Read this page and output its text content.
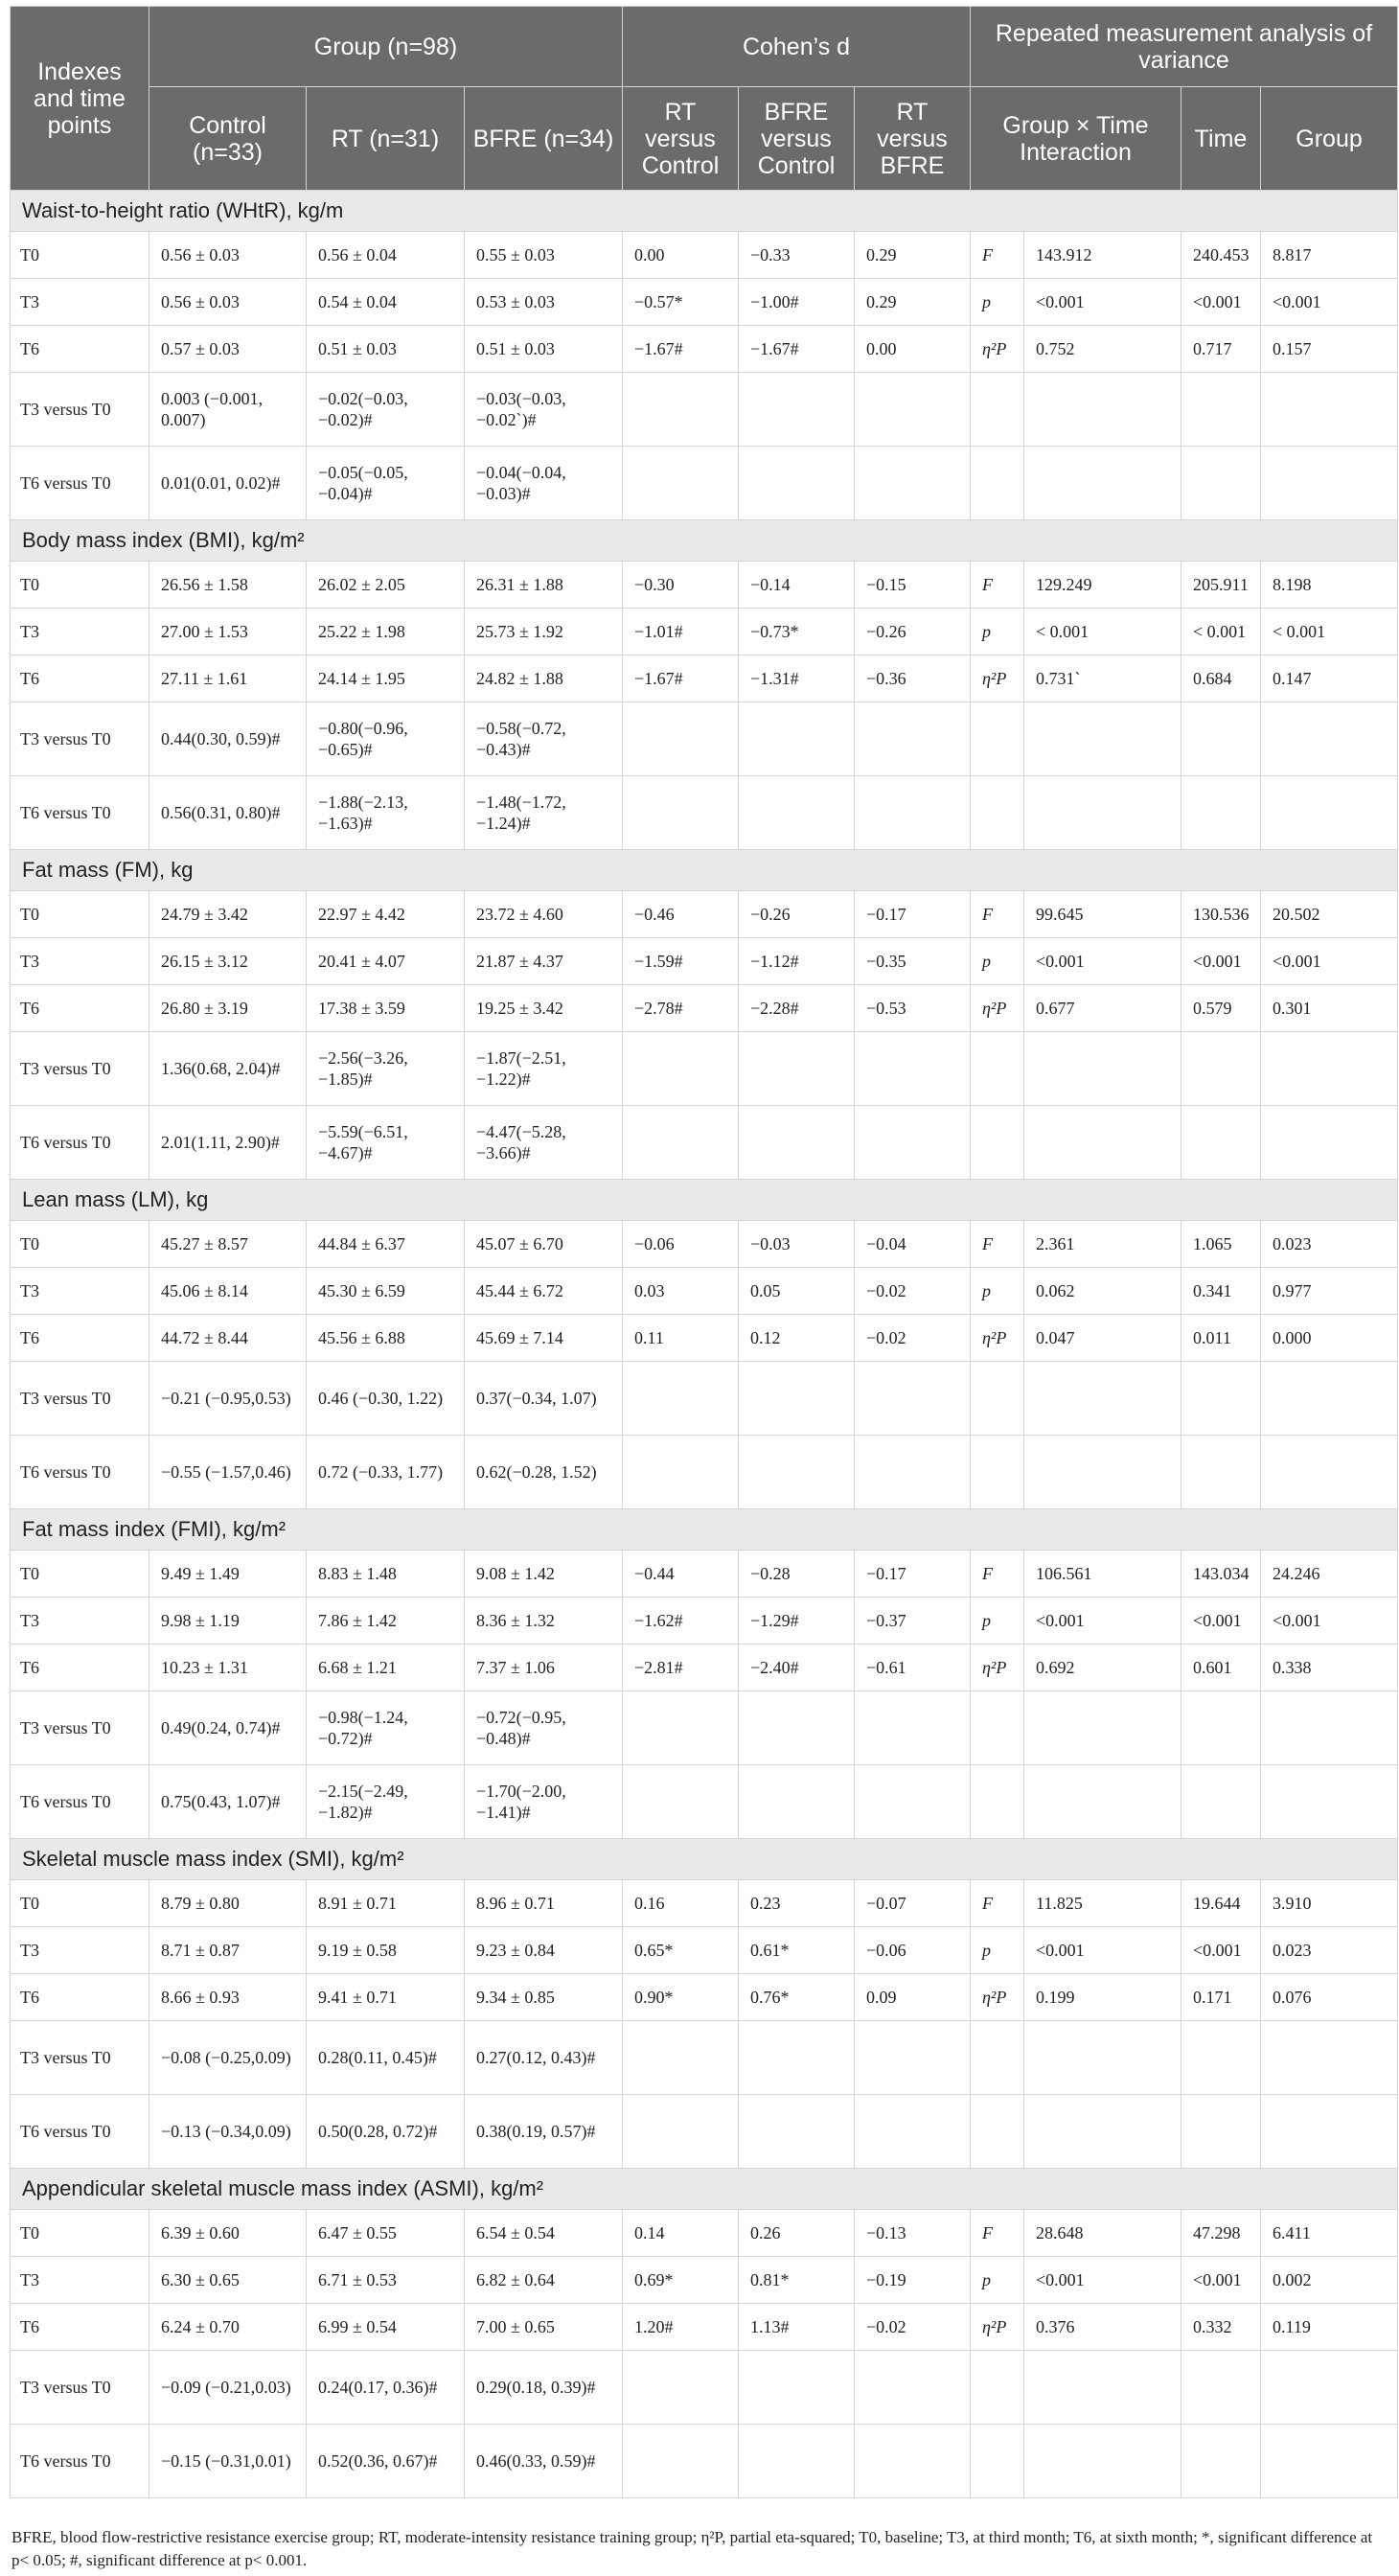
Indexes and time points	Group (n=98)			Cohen’s d			Repeated measurement analysis of variance			
	Control (n=33)	RT (n=31)	BFRE (n=34)	RT versus Control	BFRE versus Control	RT versus BFRE	Group × Time Interaction		Time	Group
Waist-to-height ratio (WHtR), kg/m										
T0	0.56 ± 0.03	0.56 ± 0.04	0.55 ± 0.03	0.00	−0.33	0.29	F	143.912	240.453	8.817
T3	0.56 ± 0.03	0.54 ± 0.04	0.53 ± 0.03	−0.57*	−1.00#	0.29	p	<0.001	<0.001	<0.001
T6	0.57 ± 0.03	0.51 ± 0.03	0.51 ± 0.03	−1.67#	−1.67#	0.00	η²P	0.752	0.717	0.157
T3 versus T0	0.003 (−0.001, 0.007)	−0.02(−0.03, −0.02)#	−0.03(−0.03, −0.02`)#							
T6 versus T0	0.01(0.01, 0.02)#	−0.05(−0.05, −0.04)#	−0.04(−0.04, −0.03)#							
Body mass index (BMI), kg/m²										
T0	26.56 ± 1.58	26.02 ± 2.05	26.31 ± 1.88	−0.30	−0.14	−0.15	F	129.249	205.911	8.198
T3	27.00 ± 1.53	25.22 ± 1.98	25.73 ± 1.92	−1.01#	−0.73*	−0.26	p	< 0.001	< 0.001	< 0.001
T6	27.11 ± 1.61	24.14 ± 1.95	24.82 ± 1.88	−1.67#	−1.31#	−0.36	η²P	0.731`	0.684	0.147
T3 versus T0	0.44(0.30, 0.59)#	−0.80(−0.96, −0.65)#	−0.58(−0.72, −0.43)#							
T6 versus T0	0.56(0.31, 0.80)#	−1.88(−2.13, −1.63)#	−1.48(−1.72, −1.24)#							
Fat mass (FM), kg										
T0	24.79 ± 3.42	22.97 ± 4.42	23.72 ± 4.60	−0.46	−0.26	−0.17	F	99.645	130.536	20.502
T3	26.15 ± 3.12	20.41 ± 4.07	21.87 ± 4.37	−1.59#	−1.12#	−0.35	p	<0.001	<0.001	<0.001
T6	26.80 ± 3.19	17.38 ± 3.59	19.25 ± 3.42	−2.78#	−2.28#	−0.53	η²P	0.677	0.579	0.301
T3 versus T0	1.36(0.68, 2.04)#	−2.56(−3.26, −1.85)#	−1.87(−2.51, −1.22)#							
T6 versus T0	2.01(1.11, 2.90)#	−5.59(−6.51, −4.67)#	−4.47(−5.28, −3.66)#							
Lean mass (LM), kg										
T0	45.27 ± 8.57	44.84 ± 6.37	45.07 ± 6.70	−0.06	−0.03	−0.04	F	2.361	1.065	0.023
T3	45.06 ± 8.14	45.30 ± 6.59	45.44 ± 6.72	0.03	0.05	−0.02	p	0.062	0.341	0.977
T6	44.72 ± 8.44	45.56 ± 6.88	45.69 ± 7.14	0.11	0.12	−0.02	η²P	0.047	0.011	0.000
T3 versus T0	−0.21 (−0.95,0.53)	0.46 (−0.30, 1.22)	0.37(−0.34, 1.07)							
T6 versus T0	−0.55 (−1.57,0.46)	0.72 (−0.33, 1.77)	0.62(−0.28, 1.52)							
Fat mass index (FMI), kg/m²										
T0	9.49 ± 1.49	8.83 ± 1.48	9.08 ± 1.42	−0.44	−0.28	−0.17	F	106.561	143.034	24.246
T3	9.98 ± 1.19	7.86 ± 1.42	8.36 ± 1.32	−1.62#	−1.29#	−0.37	p	<0.001	<0.001	<0.001
T6	10.23 ± 1.31	6.68 ± 1.21	7.37 ± 1.06	−2.81#	−2.40#	−0.61	η²P	0.692	0.601	0.338
T3 versus T0	0.49(0.24, 0.74)#	−0.98(−1.24, −0.72)#	−0.72(−0.95, −0.48)#							
T6 versus T0	0.75(0.43, 1.07)#	−2.15(−2.49, −1.82)#	−1.70(−2.00, −1.41)#							
Skeletal muscle mass index (SMI), kg/m²										
T0	8.79 ± 0.80	8.91 ± 0.71	8.96 ± 0.71	0.16	0.23	−0.07	F	11.825	19.644	3.910
T3	8.71 ± 0.87	9.19 ± 0.58	9.23 ± 0.84	0.65*	0.61*	−0.06	p	<0.001	<0.001	0.023
T6	8.66 ± 0.93	9.41 ± 0.71	9.34 ± 0.85	0.90*	0.76*	0.09	η²P	0.199	0.171	0.076
T3 versus T0	−0.08 (−0.25,0.09)	0.28(0.11, 0.45)#	0.27(0.12, 0.43)#							
T6 versus T0	−0.13 (−0.34,0.09)	0.50(0.28, 0.72)#	0.38(0.19, 0.57)#							
Appendicular skeletal muscle mass index (ASMI), kg/m²										
T0	6.39 ± 0.60	6.47 ± 0.55	6.54 ± 0.54	0.14	0.26	−0.13	F	28.648	47.298	6.411
T3	6.30 ± 0.65	6.71 ± 0.53	6.82 ± 0.64	0.69*	0.81*	−0.19	p	<0.001	<0.001	0.002
T6	6.24 ± 0.70	6.99 ± 0.54	7.00 ± 0.65	1.20#	1.13#	−0.02	η²P	0.376	0.332	0.119
T3 versus T0	−0.09 (−0.21,0.03)	0.24(0.17, 0.36)#	0.29(0.18, 0.39)#							
T6 versus T0	−0.15 (−0.31,0.01)	0.52(0.36, 0.67)#	0.46(0.33, 0.59)#							
BFRE, blood flow-restrictive resistance exercise group; RT, moderate-intensity resistance training group; η²P, partial eta-squared; T0, baseline; T3, at third month; T6, at sixth month; *, significant difference at p< 0.05; #, significant difference at p< 0.001.
